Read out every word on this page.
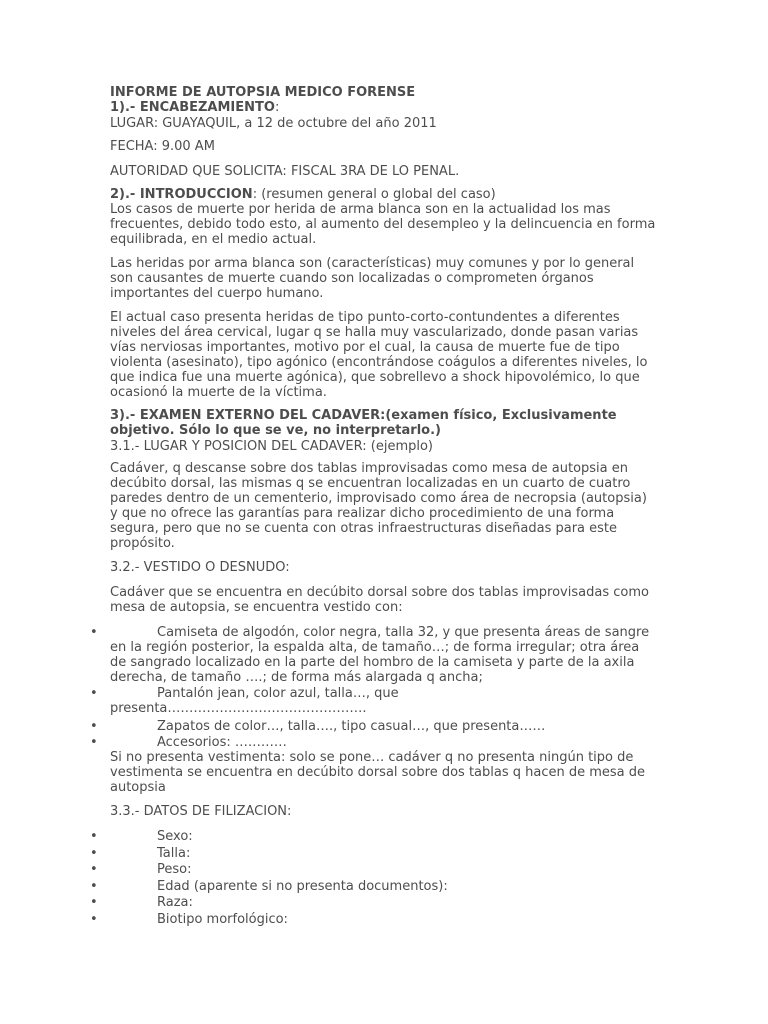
INFORME DE AUTOPSIA MEDICO FORENSE

1).- ENCABEZAMIENTO:

LUGAR: GUAYAQUIL, a 12 de octubre del año 2011

FECHA: 9.00 AM

AUTORIDAD QUE SOLICITA: FISCAL 3RA DE LO PENAL.

2).- INTRODUCCION: (resumen general o global del caso)

Los casos de muerte por herida de arma blanca son en la actualidad los mas frecuentes, debido todo esto, al aumento del desempleo y la delincuencia en forma equilibrada, en el medio actual.

Las heridas por arma blanca son (características) muy comunes y por lo general son causantes de muerte cuando son localizadas o comprometen órganos importantes del cuerpo humano.

El actual caso presenta heridas de tipo punto-corto-contundentes a diferentes niveles del área cervical, lugar q se halla muy vascularizado, donde pasan varias vías nerviosas importantes, motivo por el cual, la causa de muerte fue de tipo violenta (asesinato), tipo agónico (encontrándose coágulos a diferentes niveles, lo que indica fue una muerte agónica), que sobrellevo a shock hipovolémico, lo que ocasionó la muerte de la víctima.

3).- EXAMEN EXTERNO DEL CADAVER:(examen físico, Exclusivamente objetivo. Sólo lo que se ve, no interpretarlo.)

3.1.- LUGAR Y POSICION DEL CADAVER: (ejemplo)

Cadáver, q descanse sobre dos tablas improvisadas como mesa de autopsia en decúbito dorsal, las mismas q se encuentran localizadas en un cuarto de cuatro paredes dentro de un cementerio, improvisado como área de necropsia (autopsia) y que no ofrece las garantías para realizar dicho procedimiento de una forma segura, pero que no se cuenta con otras infraestructuras diseñadas para este propósito.

3.2.- VESTIDO O DESNUDO:

Cadáver que se encuentra en decúbito dorsal sobre dos tablas improvisadas como mesa de autopsia, se encuentra vestido con:

•	Camiseta de algodón, color negra, talla 32, y que presenta áreas de sangre en la región posterior, la espalda alta, de tamaño…; de forma irregular; otra área de sangrado localizado en la parte del hombro de la camiseta y parte de la axila derecha, de tamaño ….; de forma más alargada q ancha;

•	Pantalón jean, color azul, talla…, que presenta……………………………………….

•	Zapatos de color…, talla…., tipo casual…, que presenta……

•	Accesorios: …………

Si no presenta vestimenta: solo se pone… cadáver q no presenta ningún tipo de vestimenta se encuentra en decúbito dorsal sobre dos tablas q hacen de mesa de autopsia

3.3.- DATOS DE FILIZACION:

•	Sexo:

•	Talla:

•	Peso:

•	Edad (aparente si no presenta documentos):

•	Raza:

•	Biotipo morfológico:
